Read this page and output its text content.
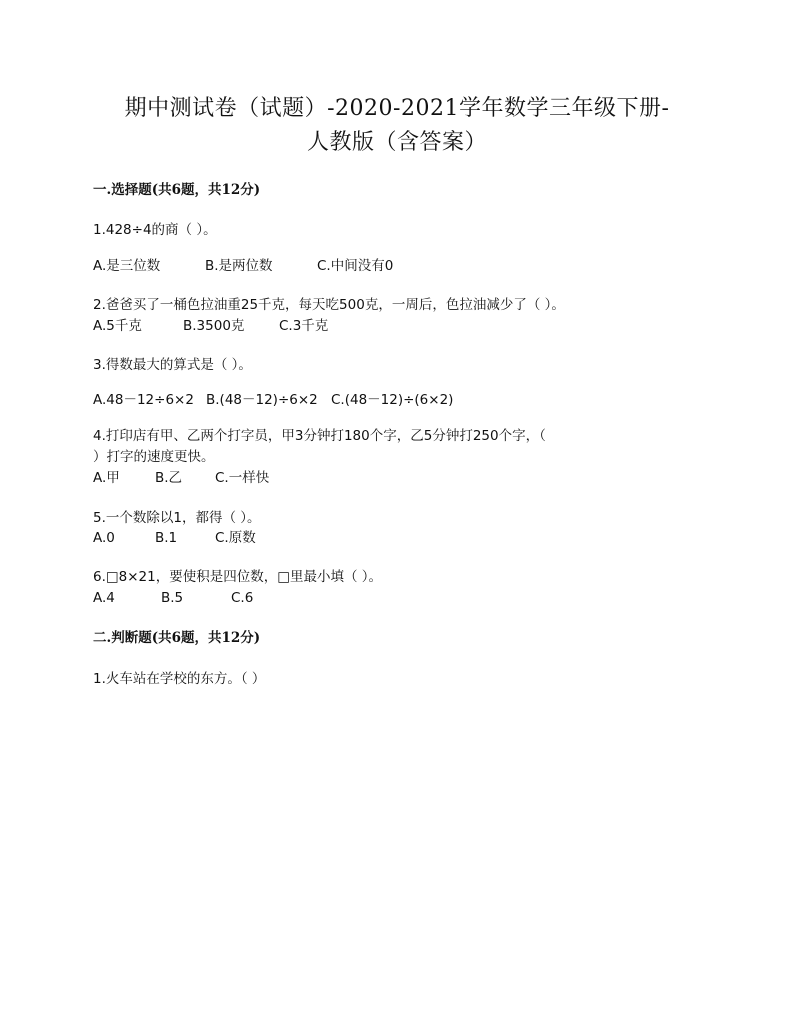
期中测试卷（试题）-2020-2021学年数学三年级下册-
人教版（含答案）
一.选择题(共6题，共12分)
1.428÷4的商（ ）。
A.是三位数	B.是两位数	C.中间没有0
2.爸爸买了一桶色拉油重25千克，每天吃500克，一周后，色拉油减少了（ ）。
A.5千克	B.3500克	C.3千克
3.得数最大的算式是（ ）。
A.48－12÷6×2 B.(48－12)÷6×2 C.(48－12)÷(6×2)
4.打印店有甲、乙两个打字员，甲3分钟打180个字，乙5分钟打250个字，（
）打字的速度更快。
A.甲	B.乙 C.一样快
5.一个数除以1，都得（ ）。
A.0	B.1	C.原数
6.□8×21，要使积是四位数，□里最小填（ ）。
A.4	B.5	C.6
二.判断题(共6题，共12分)
1.火车站在学校的东方。（ ）
